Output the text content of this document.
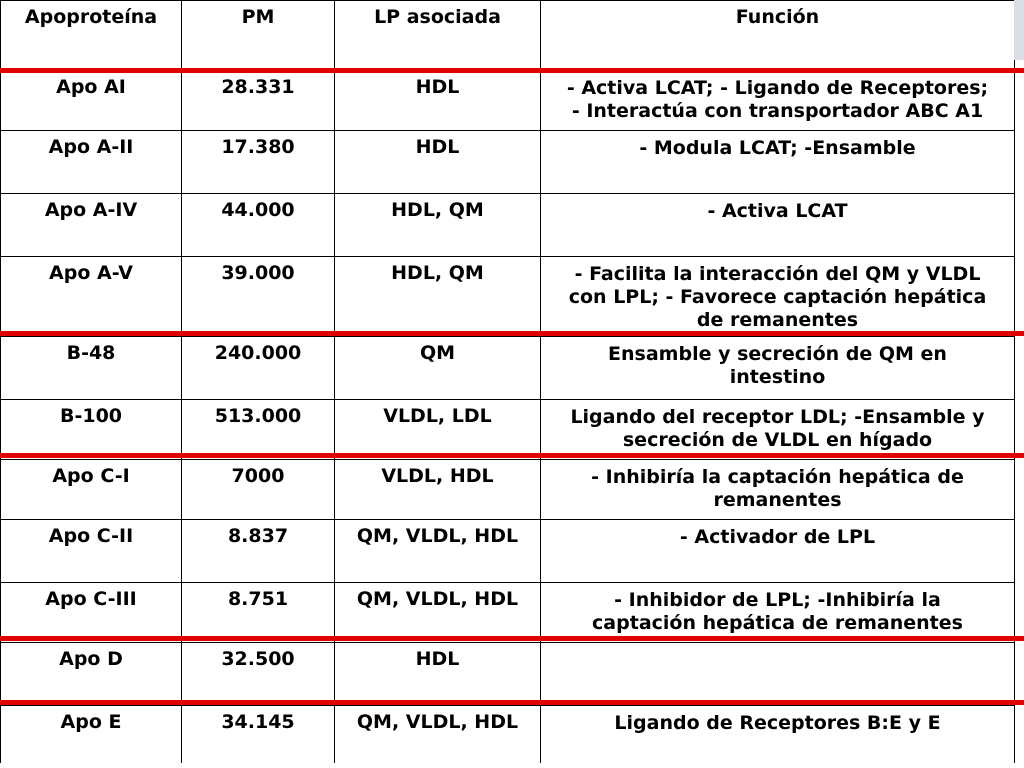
Apoproteína	PM	LP asociada	Función
Apo AI	28.331	HDL	- Activa LCAT; - Ligando de Receptores;
- Interactúa con transportador ABC A1

Apo A-II	17.380	HDL	- Modula LCAT; -Ensamble

Apo A-IV	44.000	HDL, QM	- Activa LCAT

Apo A-V	39.000	HDL, QM	- Facilita la interacción del QM y VLDL
con LPL; - Favorece captación hepática
de remanentes

B-48	240.000	QM	Ensamble y secreción de QM en
intestino

B-100	513.000	VLDL, LDL	Ligando del receptor LDL; -Ensamble y
secreción de VLDL en hígado

Apo C-I	7000	VLDL, HDL	- Inhibiría la captación hepática de
remanentes

Apo C-II	8.837	QM, VLDL, HDL	- Activador de LPL

Apo C-III	8.751	QM, VLDL, HDL	- Inhibidor de LPL; -Inhibiría la
captación hepática de remanentes

Apo D	32.500	HDL	
Apo E	34.145	QM, VLDL, HDL	Ligando de Receptores B:E y E
